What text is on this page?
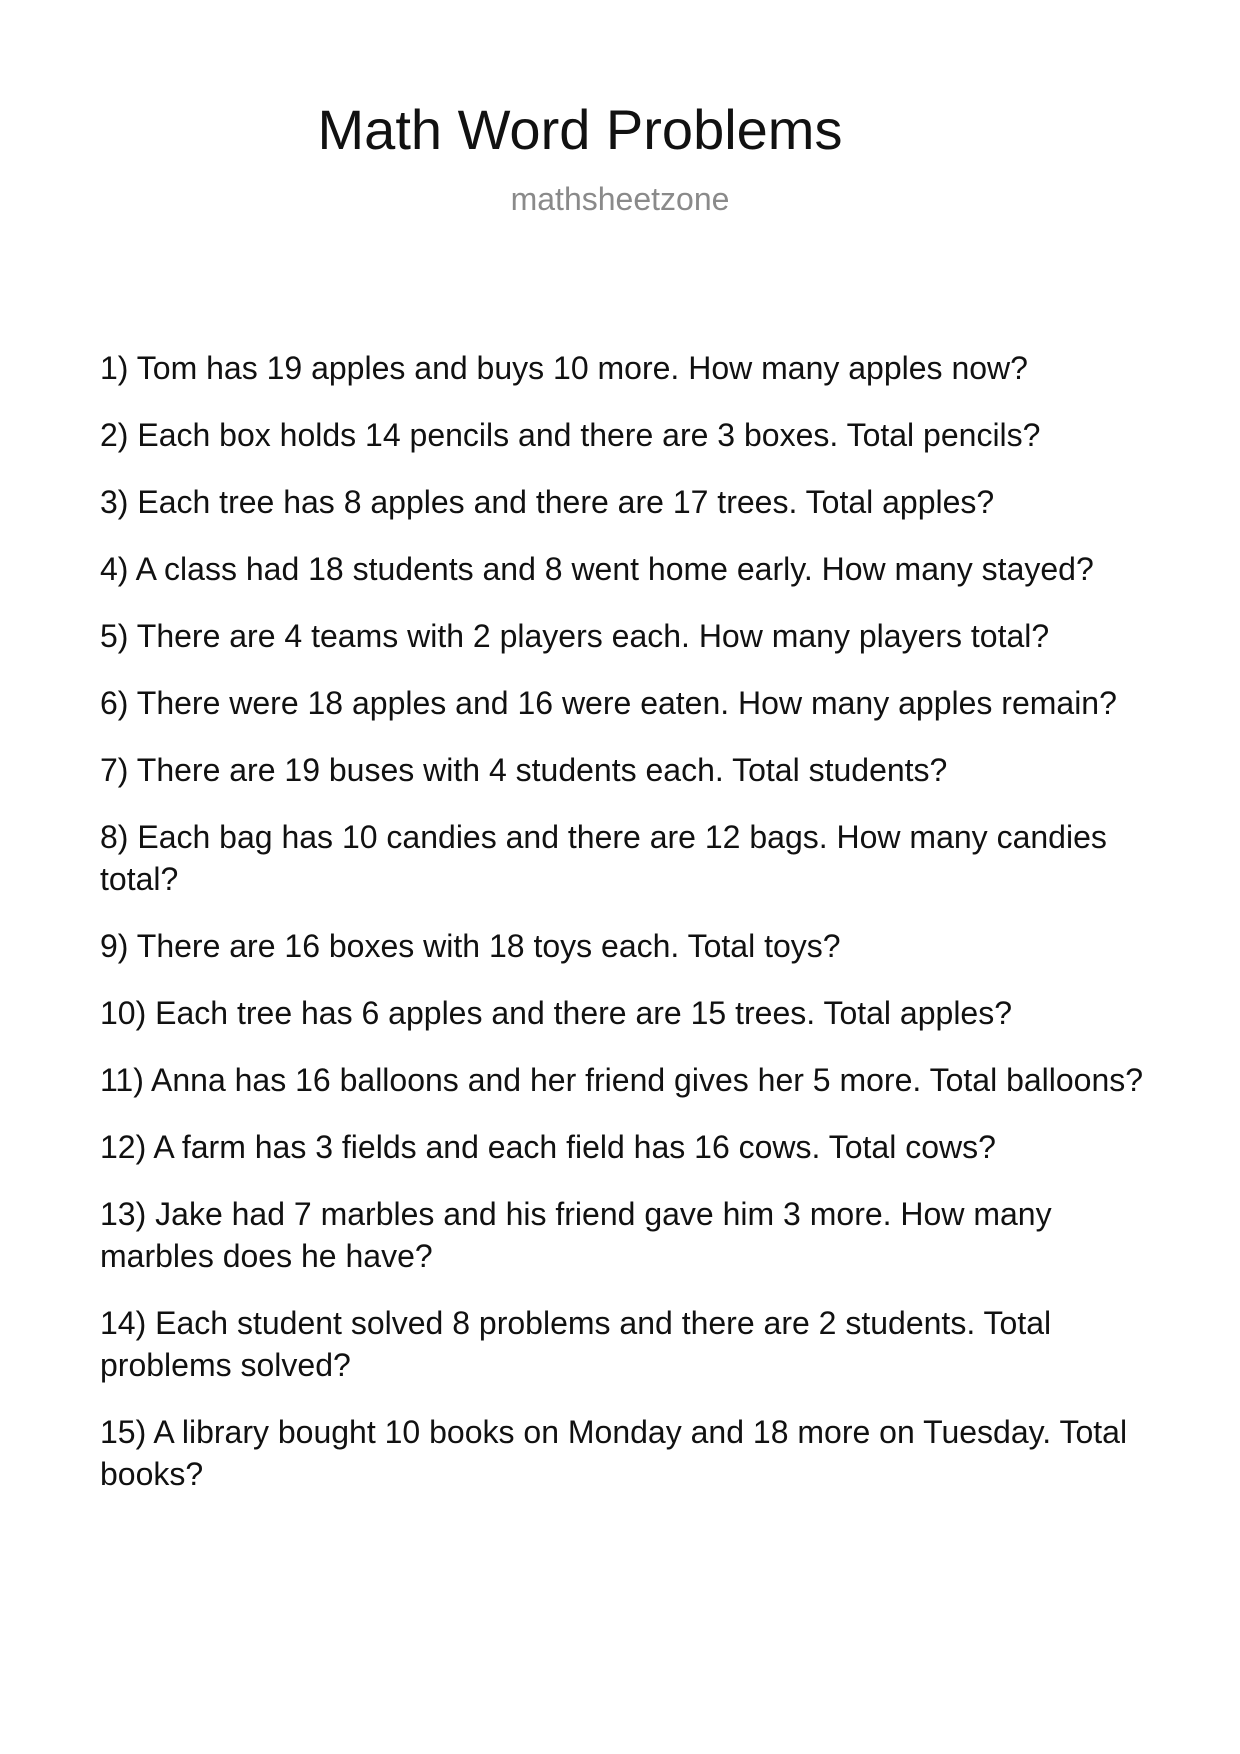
Math Word Problems
mathsheetzone
1) Tom has 19 apples and buys 10 more. How many apples now?
2) Each box holds 14 pencils and there are 3 boxes. Total pencils?
3) Each tree has 8 apples and there are 17 trees. Total apples?
4) A class had 18 students and 8 went home early. How many stayed?
5) There are 4 teams with 2 players each. How many players total?
6) There were 18 apples and 16 were eaten. How many apples remain?
7) There are 19 buses with 4 students each. Total students?
8) Each bag has 10 candies and there are 12 bags. How many candies total?
9) There are 16 boxes with 18 toys each. Total toys?
10) Each tree has 6 apples and there are 15 trees. Total apples?
11) Anna has 16 balloons and her friend gives her 5 more. Total balloons?
12) A farm has 3 fields and each field has 16 cows. Total cows?
13) Jake had 7 marbles and his friend gave him 3 more. How many marbles does he have?
14) Each student solved 8 problems and there are 2 students. Total problems solved?
15) A library bought 10 books on Monday and 18 more on Tuesday. Total books?
